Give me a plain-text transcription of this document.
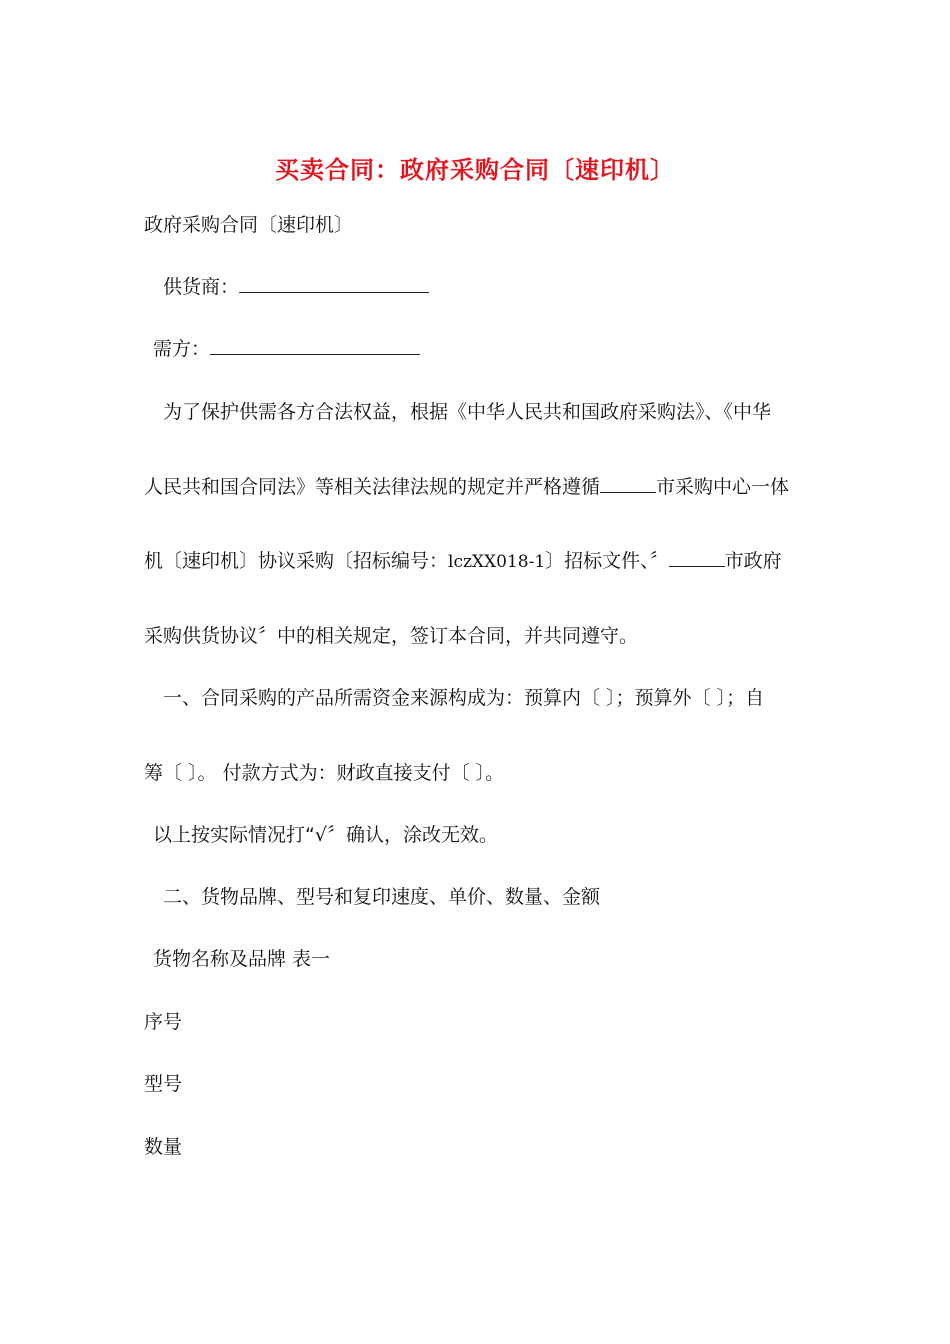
买卖合同：政府采购合同〔速印机〕
政府采购合同〔速印机〕
供货商：
需方：
为了保护供需各方合法权益，根据《中华人民共和国政府采购法》、《中华
人民共和国合同法》等相关法律法规的规定并严格遵循	市采购中心一体
机〔速印机〕协议采购〔招标编号：lczXX018-1〕招标文件、〞	市政府
采购供货协议〞中的相关规定，签订本合同，并共同遵守。
一、合同采购的产品所需资金来源构成为：预算内〔 〕；预算外〔 〕；自
筹〔 〕。 付款方式为：财政直接支付〔 〕。
以上按实际情况打“√〞确认，涂改无效。
二、货物品牌、型号和复印速度、单价、数量、金额
货物名称及品牌 表一
序号
型号
数量
